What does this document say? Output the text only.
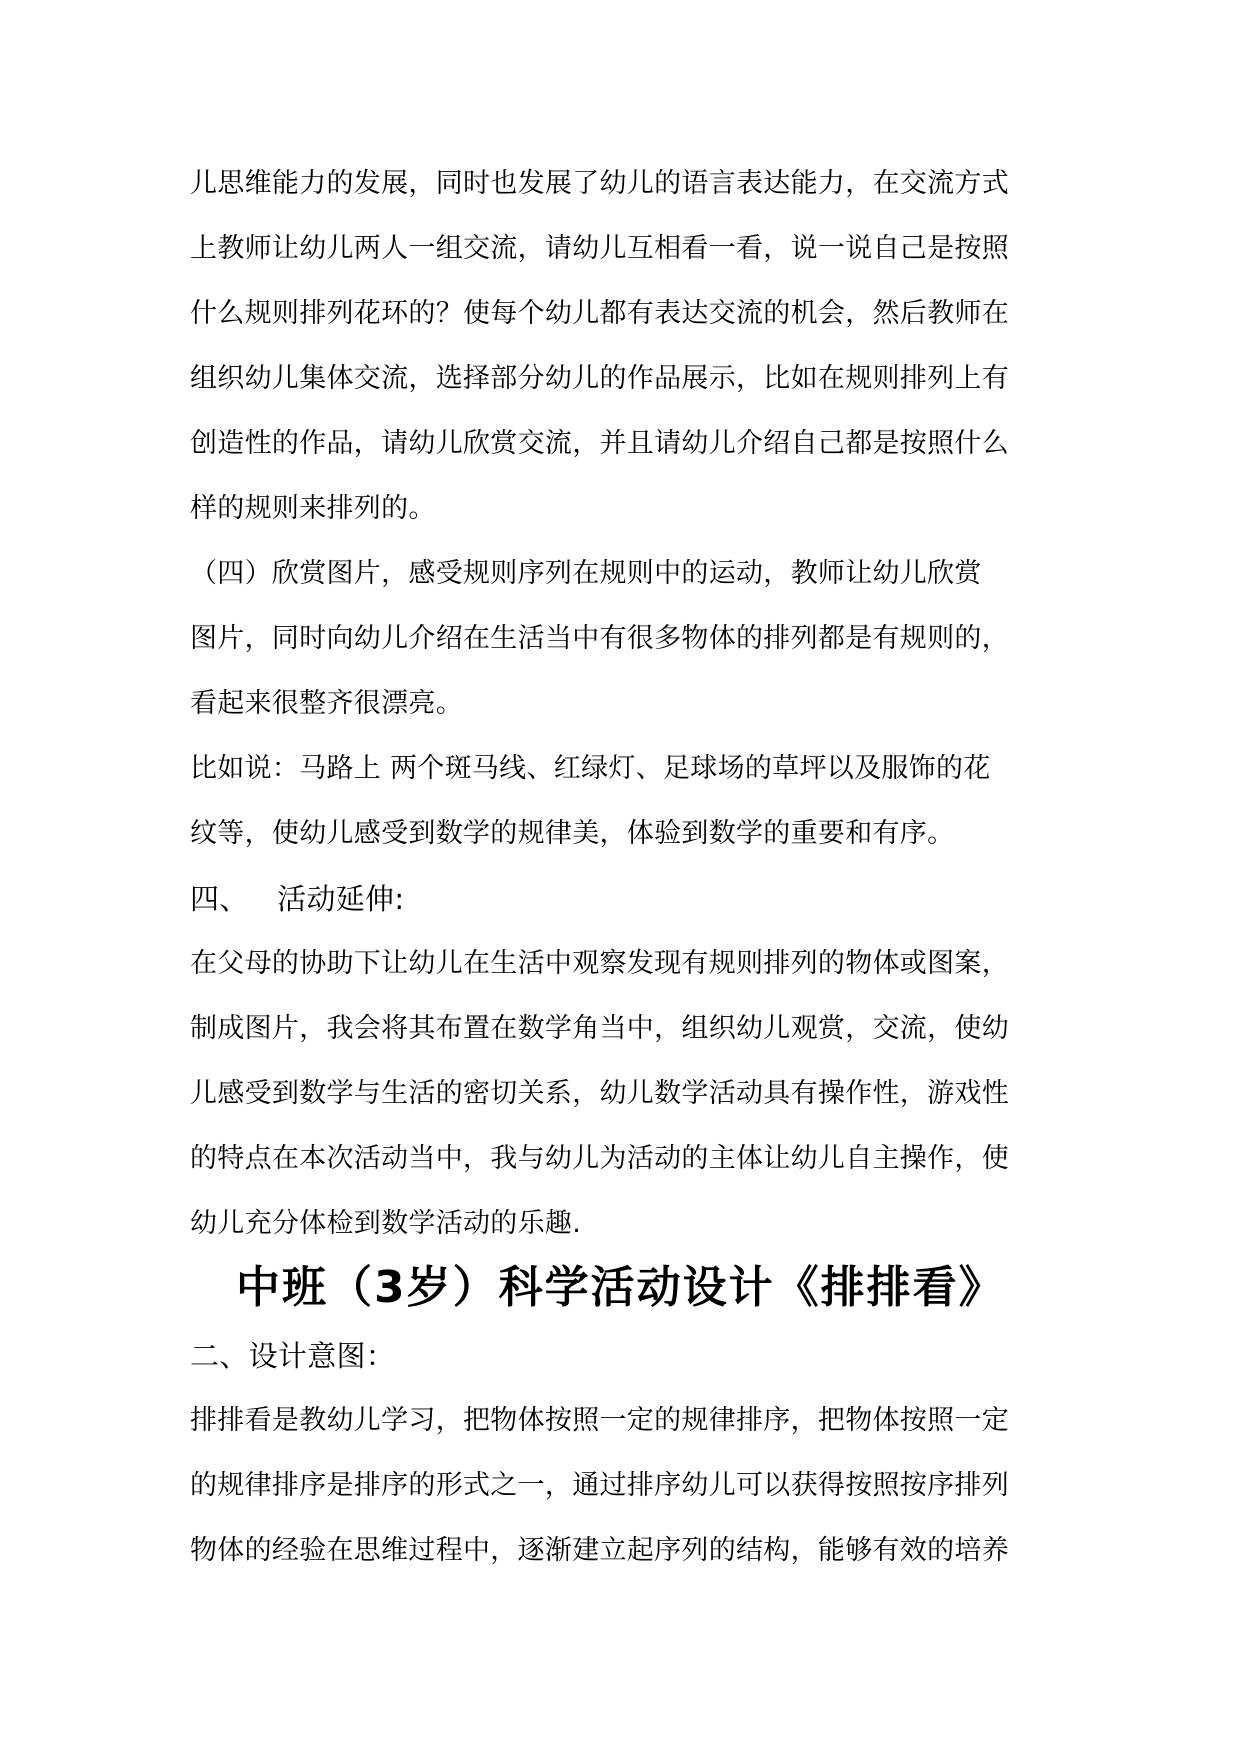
儿思维能力的发展，同时也发展了幼儿的语言表达能力，在交流方式
上教师让幼儿两人一组交流，请幼儿互相看一看，说一说自己是按照
什么规则排列花环的？使每个幼儿都有表达交流的机会，然后教师在
组织幼儿集体交流，选择部分幼儿的作品展示，比如在规则排列上有
创造性的作品，请幼儿欣赏交流，并且请幼儿介绍自己都是按照什么
样的规则来排列的。
（四）欣赏图片，感受规则序列在规则中的运动，教师让幼儿欣赏
图片，同时向幼儿介绍在生活当中有很多物体的排列都是有规则的，
看起来很整齐很漂亮。
比如说：马路上 两个斑马线、红绿灯、足球场的草坪以及服饰的花
纹等，使幼儿感受到数学的规律美，体验到数学的重要和有序。
四、   活动延伸:
在父母的协助下让幼儿在生活中观察发现有规则排列的物体或图案，
制成图片，我会将其布置在数学角当中，组织幼儿观赏，交流，使幼
儿感受到数学与生活的密切关系，幼儿数学活动具有操作性，游戏性
的特点在本次活动当中，我与幼儿为活动的主体让幼儿自主操作，使
幼儿充分体检到数学活动的乐趣.
中班（3岁）科学活动设计《排排看》
二、设计意图：
排排看是教幼儿学习，把物体按照一定的规律排序，把物体按照一定
的规律排序是排序的形式之一，通过排序幼儿可以获得按照按序排列
物体的经验在思维过程中，逐渐建立起序列的结构，能够有效的培养
